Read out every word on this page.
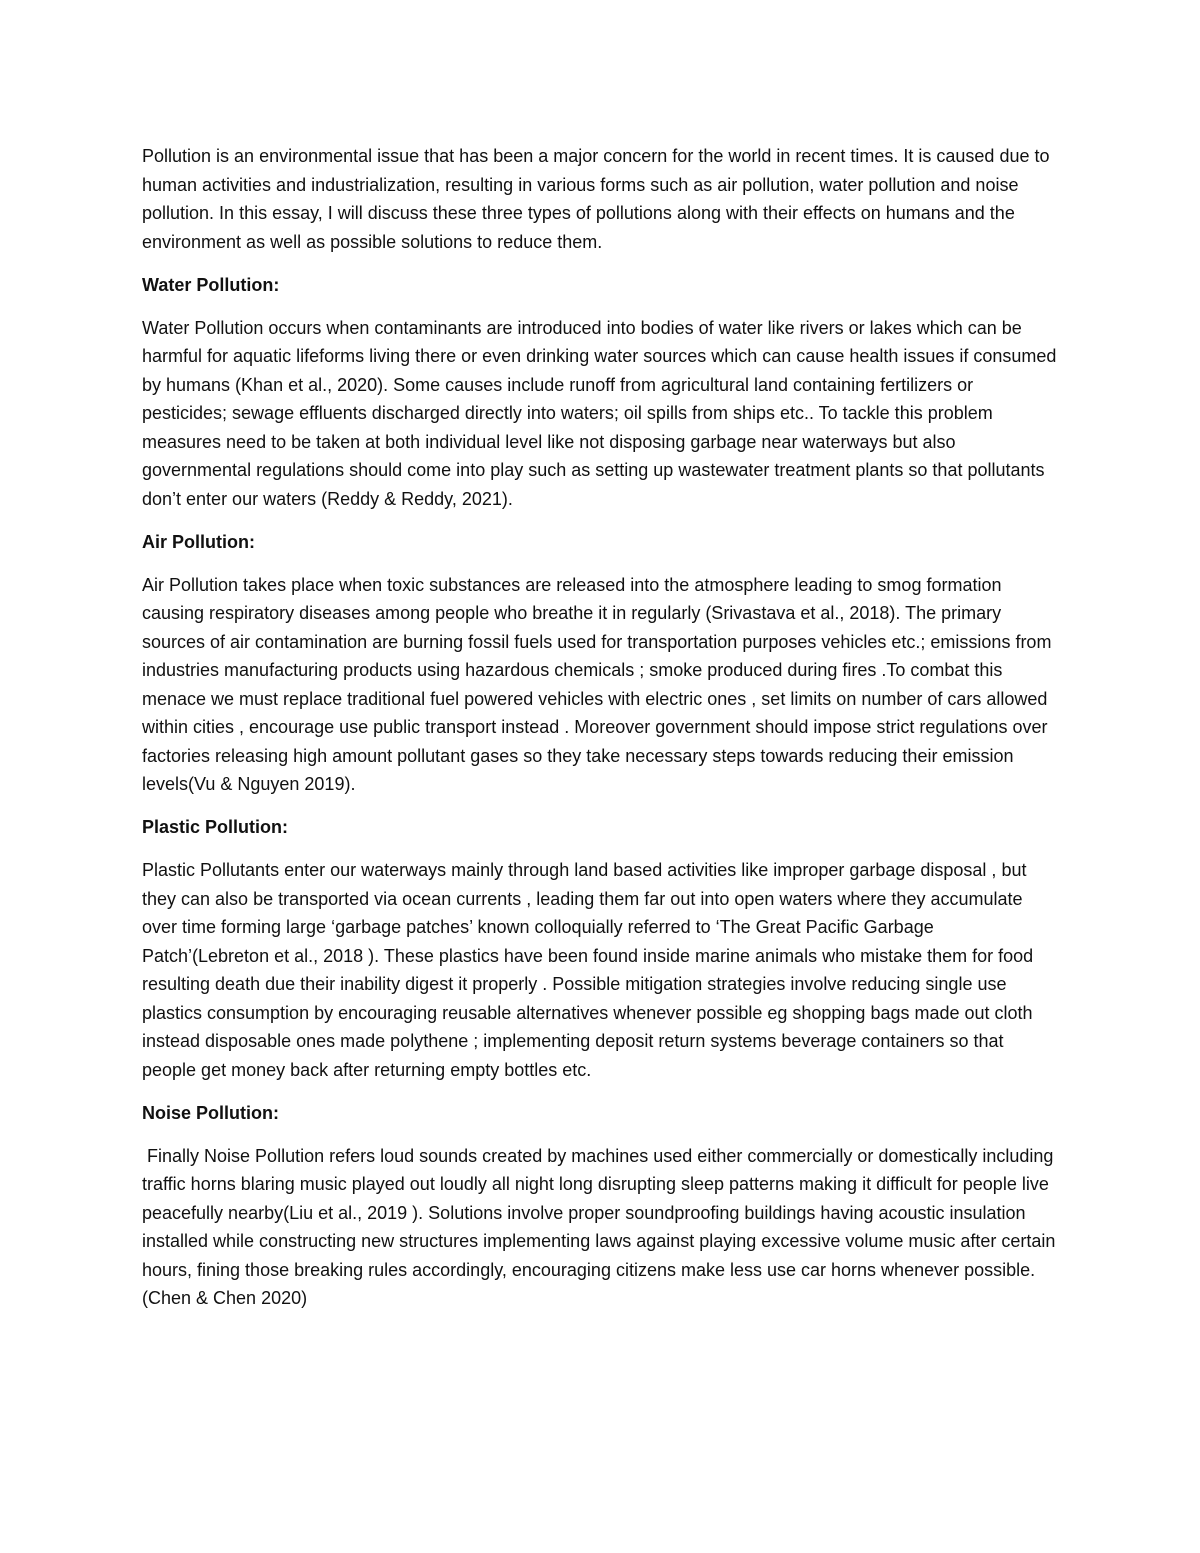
Pollution is an environmental issue that has been a major concern for the world in recent times. It is caused due to human activities and industrialization, resulting in various forms such as air pollution, water pollution and noise pollution. In this essay, I will discuss these three types of pollutions along with their effects on humans and the environment as well as possible solutions to reduce them.

Water Pollution:

Water Pollution occurs when contaminants are introduced into bodies of water like rivers or lakes which can be harmful for aquatic lifeforms living there or even drinking water sources which can cause health issues if consumed by humans (Khan et al., 2020). Some causes include runoff from agricultural land containing fertilizers or pesticides; sewage effluents discharged directly into waters; oil spills from ships etc.. To tackle this problem measures need to be taken at both individual level like not disposing garbage near waterways but also governmental regulations should come into play such as setting up wastewater treatment plants so that pollutants don’t enter our waters (Reddy & Reddy, 2021).

Air Pollution:

Air Pollution takes place when toxic substances are released into the atmosphere leading to smog formation causing respiratory diseases among people who breathe it in regularly (Srivastava et al., 2018). The primary sources of air contamination are burning fossil fuels used for transportation purposes vehicles etc.; emissions from industries manufacturing products using hazardous chemicals ; smoke produced during fires .To combat this menace we must replace traditional fuel powered vehicles with electric ones , set limits on number of cars allowed within cities , encourage use public transport instead . Moreover government should impose strict regulations over factories releasing high amount pollutant gases so they take necessary steps towards reducing their emission levels(Vu & Nguyen 2019).

Plastic Pollution:

Plastic Pollutants enter our waterways mainly through land based activities like improper garbage disposal , but they can also be transported via ocean currents , leading them far out into open waters where they accumulate over time forming large ‘garbage patches’ known colloquially referred to ‘The Great Pacific Garbage Patch’(Lebreton et al., 2018 ). These plastics have been found inside marine animals who mistake them for food resulting death due their inability digest it properly . Possible mitigation strategies involve reducing single use plastics consumption by encouraging reusable alternatives whenever possible eg shopping bags made out cloth instead disposable ones made polythene ; implementing deposit return systems beverage containers so that people get money back after returning empty bottles etc.

Noise Pollution:

Finally Noise Pollution refers loud sounds created by machines used either commercially or domestically including traffic horns blaring music played out loudly all night long disrupting sleep patterns making it difficult for people live peacefully nearby(Liu et al., 2019 ). Solutions involve proper soundproofing buildings having acoustic insulation installed while constructing new structures implementing laws against playing excessive volume music after certain hours, fining those breaking rules accordingly, encouraging citizens make less use car horns whenever possible.(Chen & Chen 2020)
